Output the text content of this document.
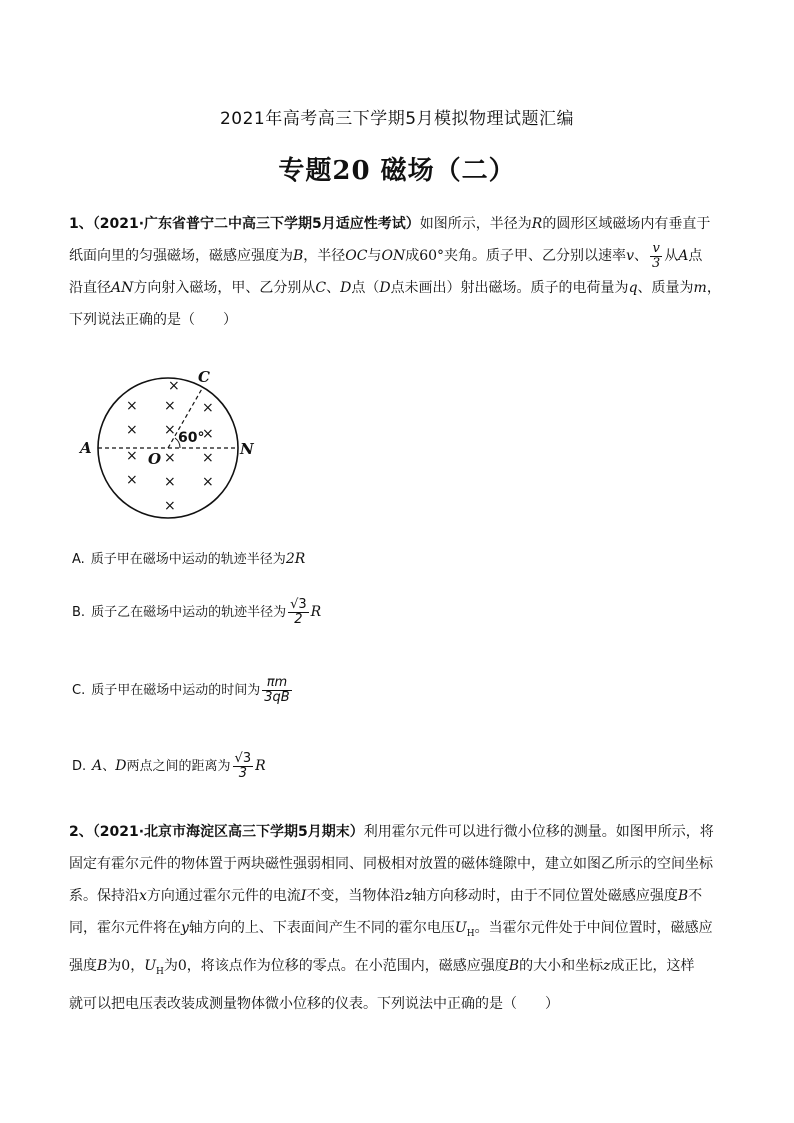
2021年高考高三下学期5月模拟物理试题汇编
专题20 磁场（二）
1、（2021·广东省普宁二中高三下学期5月适应性考试）如图所示，半径为R的圆形区域磁场内有垂直于
纸面向里的匀强磁场，磁感应强度为B，半径OC与ON成60°夹角。质子甲、乙分别以速率v、 $\frac{v}{3}$ 从A点
沿直径AN方向射入磁场，甲、乙分别从C、D点（D点未画出）射出磁场。质子的电荷量为q、质量为m，
下列说法正确的是（　　）
×
× × ×
× × ×
× × ×
× × ×
×
A	N
O
C
60°
A. 质子甲在磁场中运动的轨迹半径为2R
B. 质子乙在磁场中运动的轨迹半径为 $\frac{√3}{2}$ R
C. 质子甲在磁场中运动的时间为 $\frac{\pi m}{3qB}$
D. A、D两点之间的距离为 $\frac{√3}{3}$ R
2、（2021·北京市海淀区高三下学期5月期末）利用霍尔元件可以进行微小位移的测量。如图甲所示，将
固定有霍尔元件的物体置于两块磁性强弱相同、同极相对放置的磁体缝隙中，建立如图乙所示的空间坐标
系。保持沿x方向通过霍尔元件的电流I不变，当物体沿z轴方向移动时，由于不同位置处磁感应强度B不
同，霍尔元件将在y轴方向的上、下表面间产生不同的霍尔电压$U_H$。当霍尔元件处于中间位置时，磁感应
强度B为0，$U_H$为0，将该点作为位移的零点。在小范围内，磁感应强度B的大小和坐标z成正比，这样
就可以把电压表改装成测量物体微小位移的仪表。下列说法中正确的是（　　）
